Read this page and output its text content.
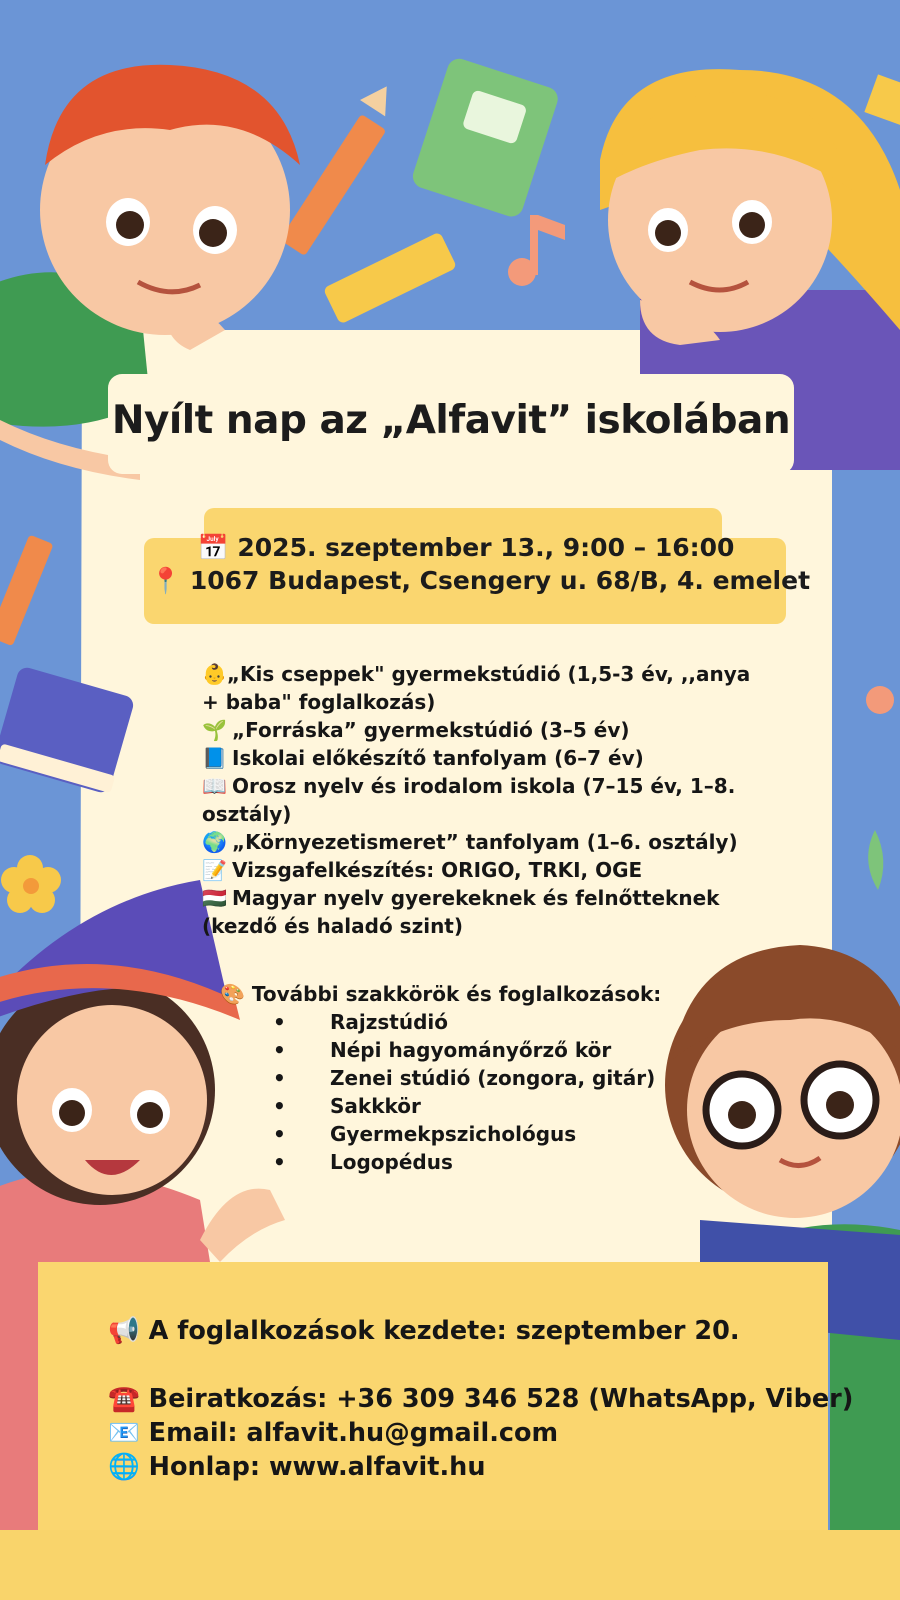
Nyílt nap az „Alfavit” iskolában
📅 2025. szeptember 13., 9:00 – 16:00
📍 1067 Budapest, Csengery u. 68/B, 4. emelet

👶„Kis cseppek" gyermekstúdió (1,5-3 év, ,,anya + baba" foglalkozás)

🌱 „Forráska” gyermekstúdió (3–5 év)

📘 Iskolai előkészítő tanfolyam (6–7 év)

📖 Orosz nyelv és irodalom iskola (7–15 év, 1–8. osztály)

🌍 „Környezetismeret” tanfolyam (1–6. osztály)

📝 Vizsgafelkészítés: ORIGO, TRKI, OGE

🇭🇺 Magyar nyelv gyerekeknek és felnőtteknek (kezdő és haladó szint)

🎨 További szakkörök és foglalkozások:

• Rajzstúdió
• Népi hagyományőrző kör
• Zenei stúdió (zongora, gitár)
• Sakkkör
• Gyermekpszichológus
• Logopédus
📢 A foglalkozások kezdete: szeptember 20.
☎️ Beiratkozás: +36 309 346 528 (WhatsApp, Viber)
📧 Email: alfavit.hu@gmail.com
🌐 Honlap: www.alfavit.hu
